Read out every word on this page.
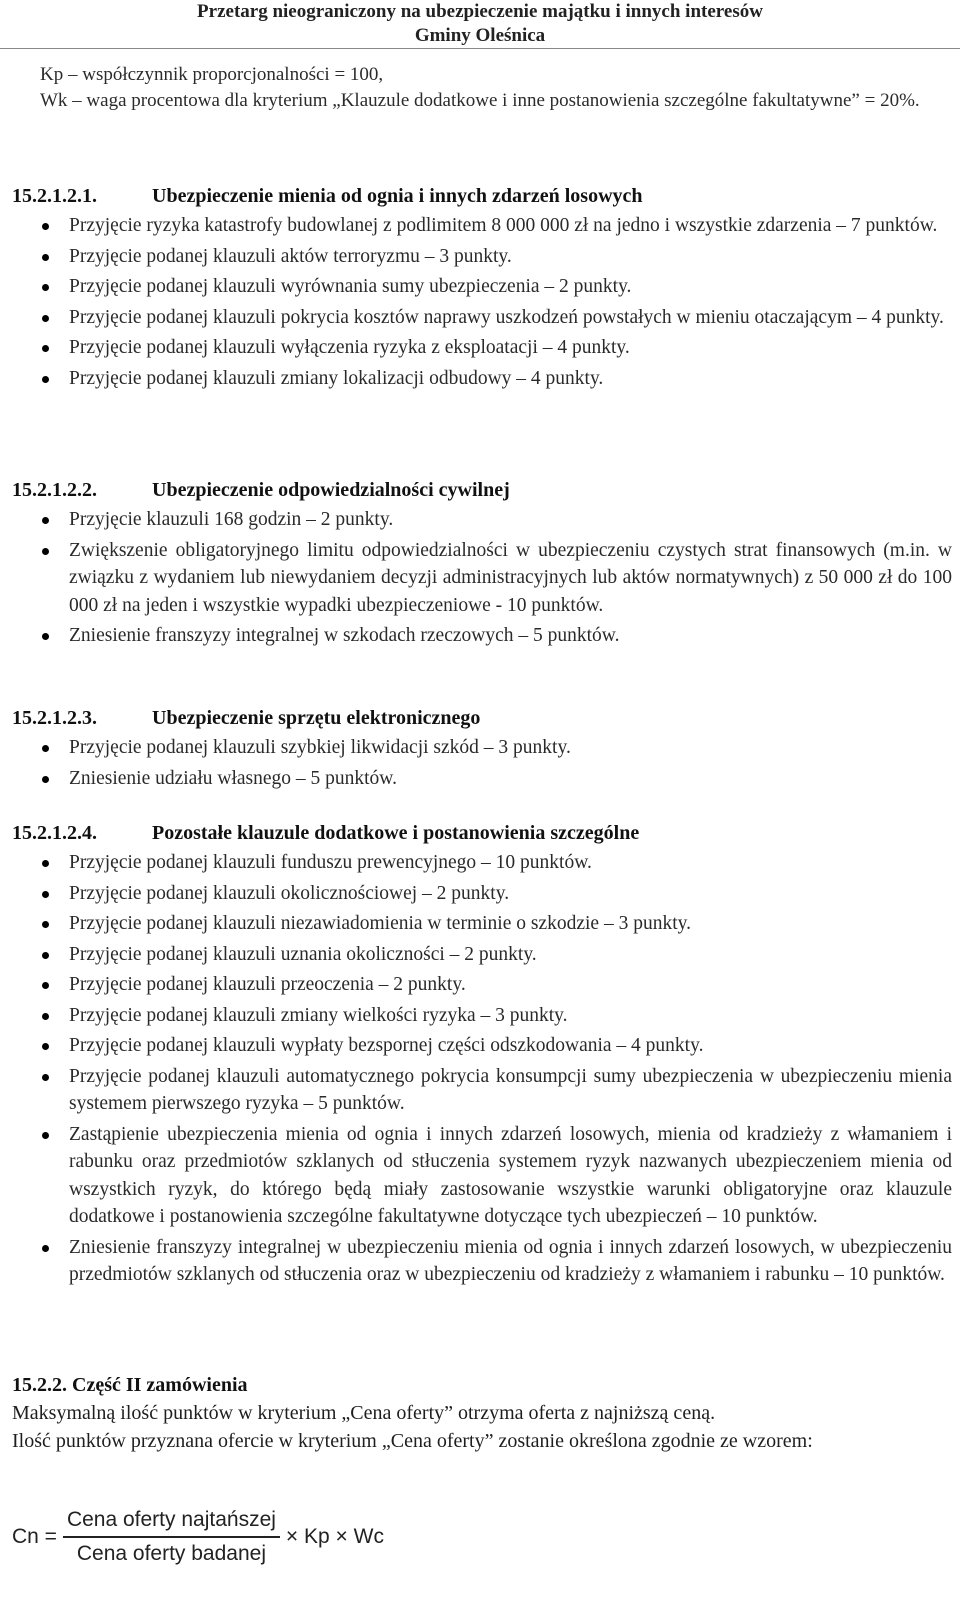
Przetarg nieograniczony na ubezpieczenie majątku i innych interesów
Gminy Oleśnica
Kp – współczynnik proporcjonalności = 100,
Wk – waga procentowa dla kryterium „Klauzule dodatkowe i inne postanowienia szczególne fakultatywne” = 20%.
15.2.1.2.1.	Ubezpieczenie mienia od ognia i innych zdarzeń losowych
Przyjęcie ryzyka katastrofy budowlanej z podlimitem 8 000 000 zł na jedno i wszystkie zdarzenia – 7 punktów.
Przyjęcie podanej klauzuli aktów terroryzmu – 3 punkty.
Przyjęcie podanej klauzuli wyrównania sumy ubezpieczenia – 2 punkty.
Przyjęcie podanej klauzuli pokrycia kosztów naprawy uszkodzeń powstałych w mieniu otaczającym – 4 punkty.
Przyjęcie podanej klauzuli wyłączenia ryzyka z eksploatacji – 4 punkty.
Przyjęcie podanej klauzuli zmiany lokalizacji odbudowy – 4 punkty.
15.2.1.2.2.	Ubezpieczenie odpowiedzialności cywilnej
Przyjęcie klauzuli 168 godzin – 2 punkty.
Zwiększenie obligatoryjnego limitu odpowiedzialności w ubezpieczeniu czystych strat finansowych (m.in. w związku z wydaniem lub niewydaniem decyzji administracyjnych lub aktów normatywnych) z 50 000 zł do 100 000 zł na jeden i wszystkie wypadki ubezpieczeniowe - 10 punktów.
Zniesienie franszyzy integralnej w szkodach rzeczowych – 5 punktów.
15.2.1.2.3.	Ubezpieczenie sprzętu elektronicznego
Przyjęcie podanej klauzuli szybkiej likwidacji szkód – 3 punkty.
Zniesienie udziału własnego – 5 punktów.
15.2.1.2.4.	Pozostałe klauzule dodatkowe i postanowienia szczególne
Przyjęcie podanej klauzuli funduszu prewencyjnego – 10 punktów.
Przyjęcie podanej klauzuli okolicznościowej – 2 punkty.
Przyjęcie podanej klauzuli niezawiadomienia w terminie o szkodzie – 3 punkty.
Przyjęcie podanej klauzuli uznania okoliczności – 2 punkty.
Przyjęcie podanej klauzuli przeoczenia – 2 punkty.
Przyjęcie podanej klauzuli zmiany wielkości ryzyka – 3 punkty.
Przyjęcie podanej klauzuli wypłaty bezspornej części odszkodowania – 4 punkty.
Przyjęcie podanej klauzuli automatycznego pokrycia konsumpcji sumy ubezpieczenia w ubezpieczeniu mienia systemem pierwszego ryzyka – 5 punktów.
Zastąpienie ubezpieczenia mienia od ognia i innych zdarzeń losowych, mienia od kradzieży z włamaniem i rabunku oraz przedmiotów szklanych od stłuczenia systemem ryzyk nazwanych ubezpieczeniem mienia od wszystkich ryzyk, do którego będą miały zastosowanie wszystkie warunki obligatoryjne oraz klauzule dodatkowe i postanowienia szczególne fakultatywne dotyczące tych ubezpieczeń – 10 punktów.
Zniesienie franszyzy integralnej w ubezpieczeniu mienia od ognia i innych zdarzeń losowych, w ubezpieczeniu przedmiotów szklanych od stłuczenia oraz w ubezpieczeniu od kradzieży z włamaniem i rabunku – 10 punktów.
15.2.2. Część II zamówienia

Maksymalną ilość punktów w kryterium „Cena oferty” otrzyma oferta z najniższą ceną.

Ilość punktów przyznana ofercie w kryterium „Cena oferty” zostanie określona zgodnie ze wzorem:

$Cn = \frac{\text{Cena oferty najtańszej}}{\text{Cena oferty badanej}} \times Kp \times Wc$
